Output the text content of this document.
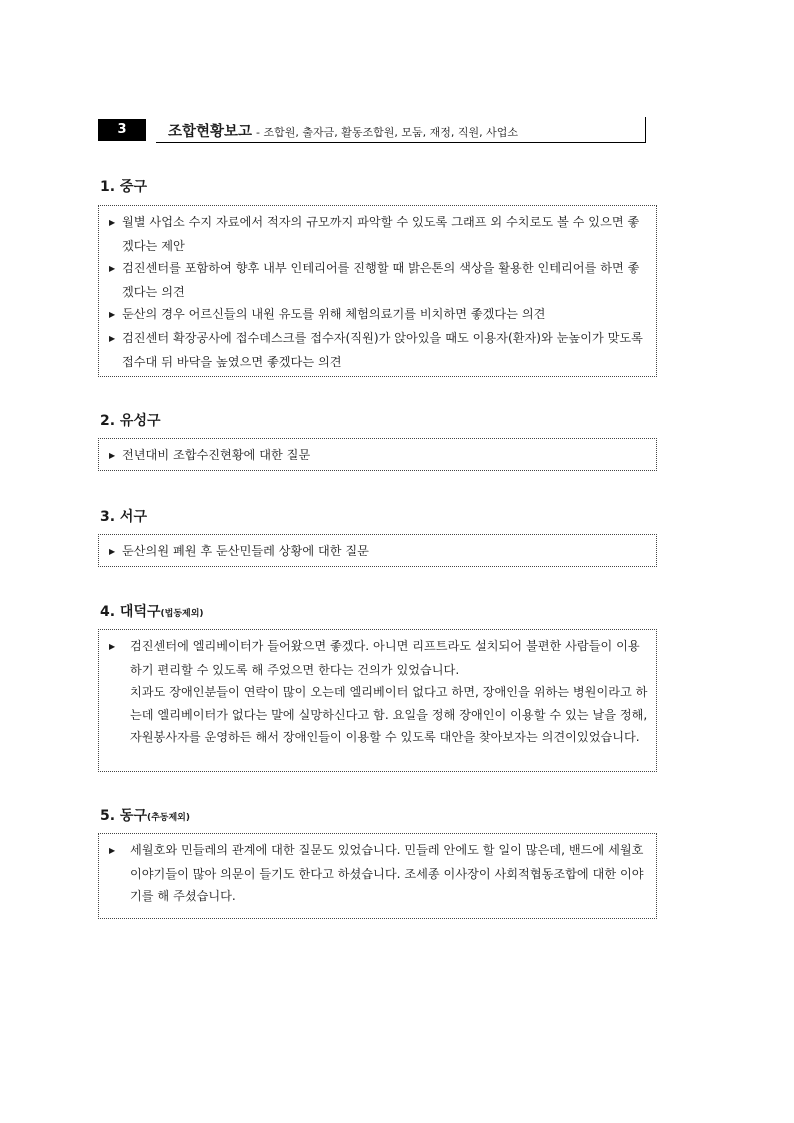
3	조합현황보고 - 조합원, 출자금, 활동조합원, 모둠, 재정, 직원, 사업소
1. 중구
▶ 월별 사업소 수지 자료에서 적자의 규모까지 파악할 수 있도록 그래프 외 수치로도 볼 수 있으면 좋겠다는 제안
▶ 검진센터를 포함하여 향후 내부 인테리어를 진행할 때 밝은톤의 색상을 활용한 인테리어를 하면 좋겠다는 의견
▶ 둔산의 경우 어르신들의 내원 유도를 위해 체험의료기를 비치하면 좋겠다는 의견
▶ 검진센터 확장공사에 접수데스크를 접수자(직원)가 앉아있을 때도 이용자(환자)와 눈높이가 맞도록 접수대 뒤 바닥을 높였으면 좋겠다는 의견
2. 유성구
▶ 전년대비 조합수진현황에 대한 질문
3. 서구
▶ 둔산의원 폐원 후 둔산민들레 상황에 대한 질문
4. 대덕구(법동제외)
▶ 검진센터에 엘리베이터가 들어왔으면 좋겠다. 아니면 리프트라도 설치되어 불편한 사람들이 이용하기 편리할 수 있도록 해 주었으면 한다는 건의가 있었습니다.
치과도 장애인분들이 연락이 많이 오는데 엘리베이터 없다고 하면, 장애인을 위하는 병원이라고 하는데 엘리베이터가 없다는 말에 실망하신다고 함. 요일을 정해 장애인이 이용할 수 있는 날을 정해, 자원봉사자를 운영하든 해서 장애인들이 이용할 수 있도록 대안을 찾아보자는 의견이있었습니다.
5. 동구(추동제외)
▶ 세월호와 민들레의 관계에 대한 질문도 있었습니다. 민들레 안에도 할 일이 많은데, 밴드에 세월호 이야기들이 많아 의문이 들기도 한다고 하셨습니다. 조세종 이사장이 사회적협동조합에 대한 이야기를 해 주셨습니다.
